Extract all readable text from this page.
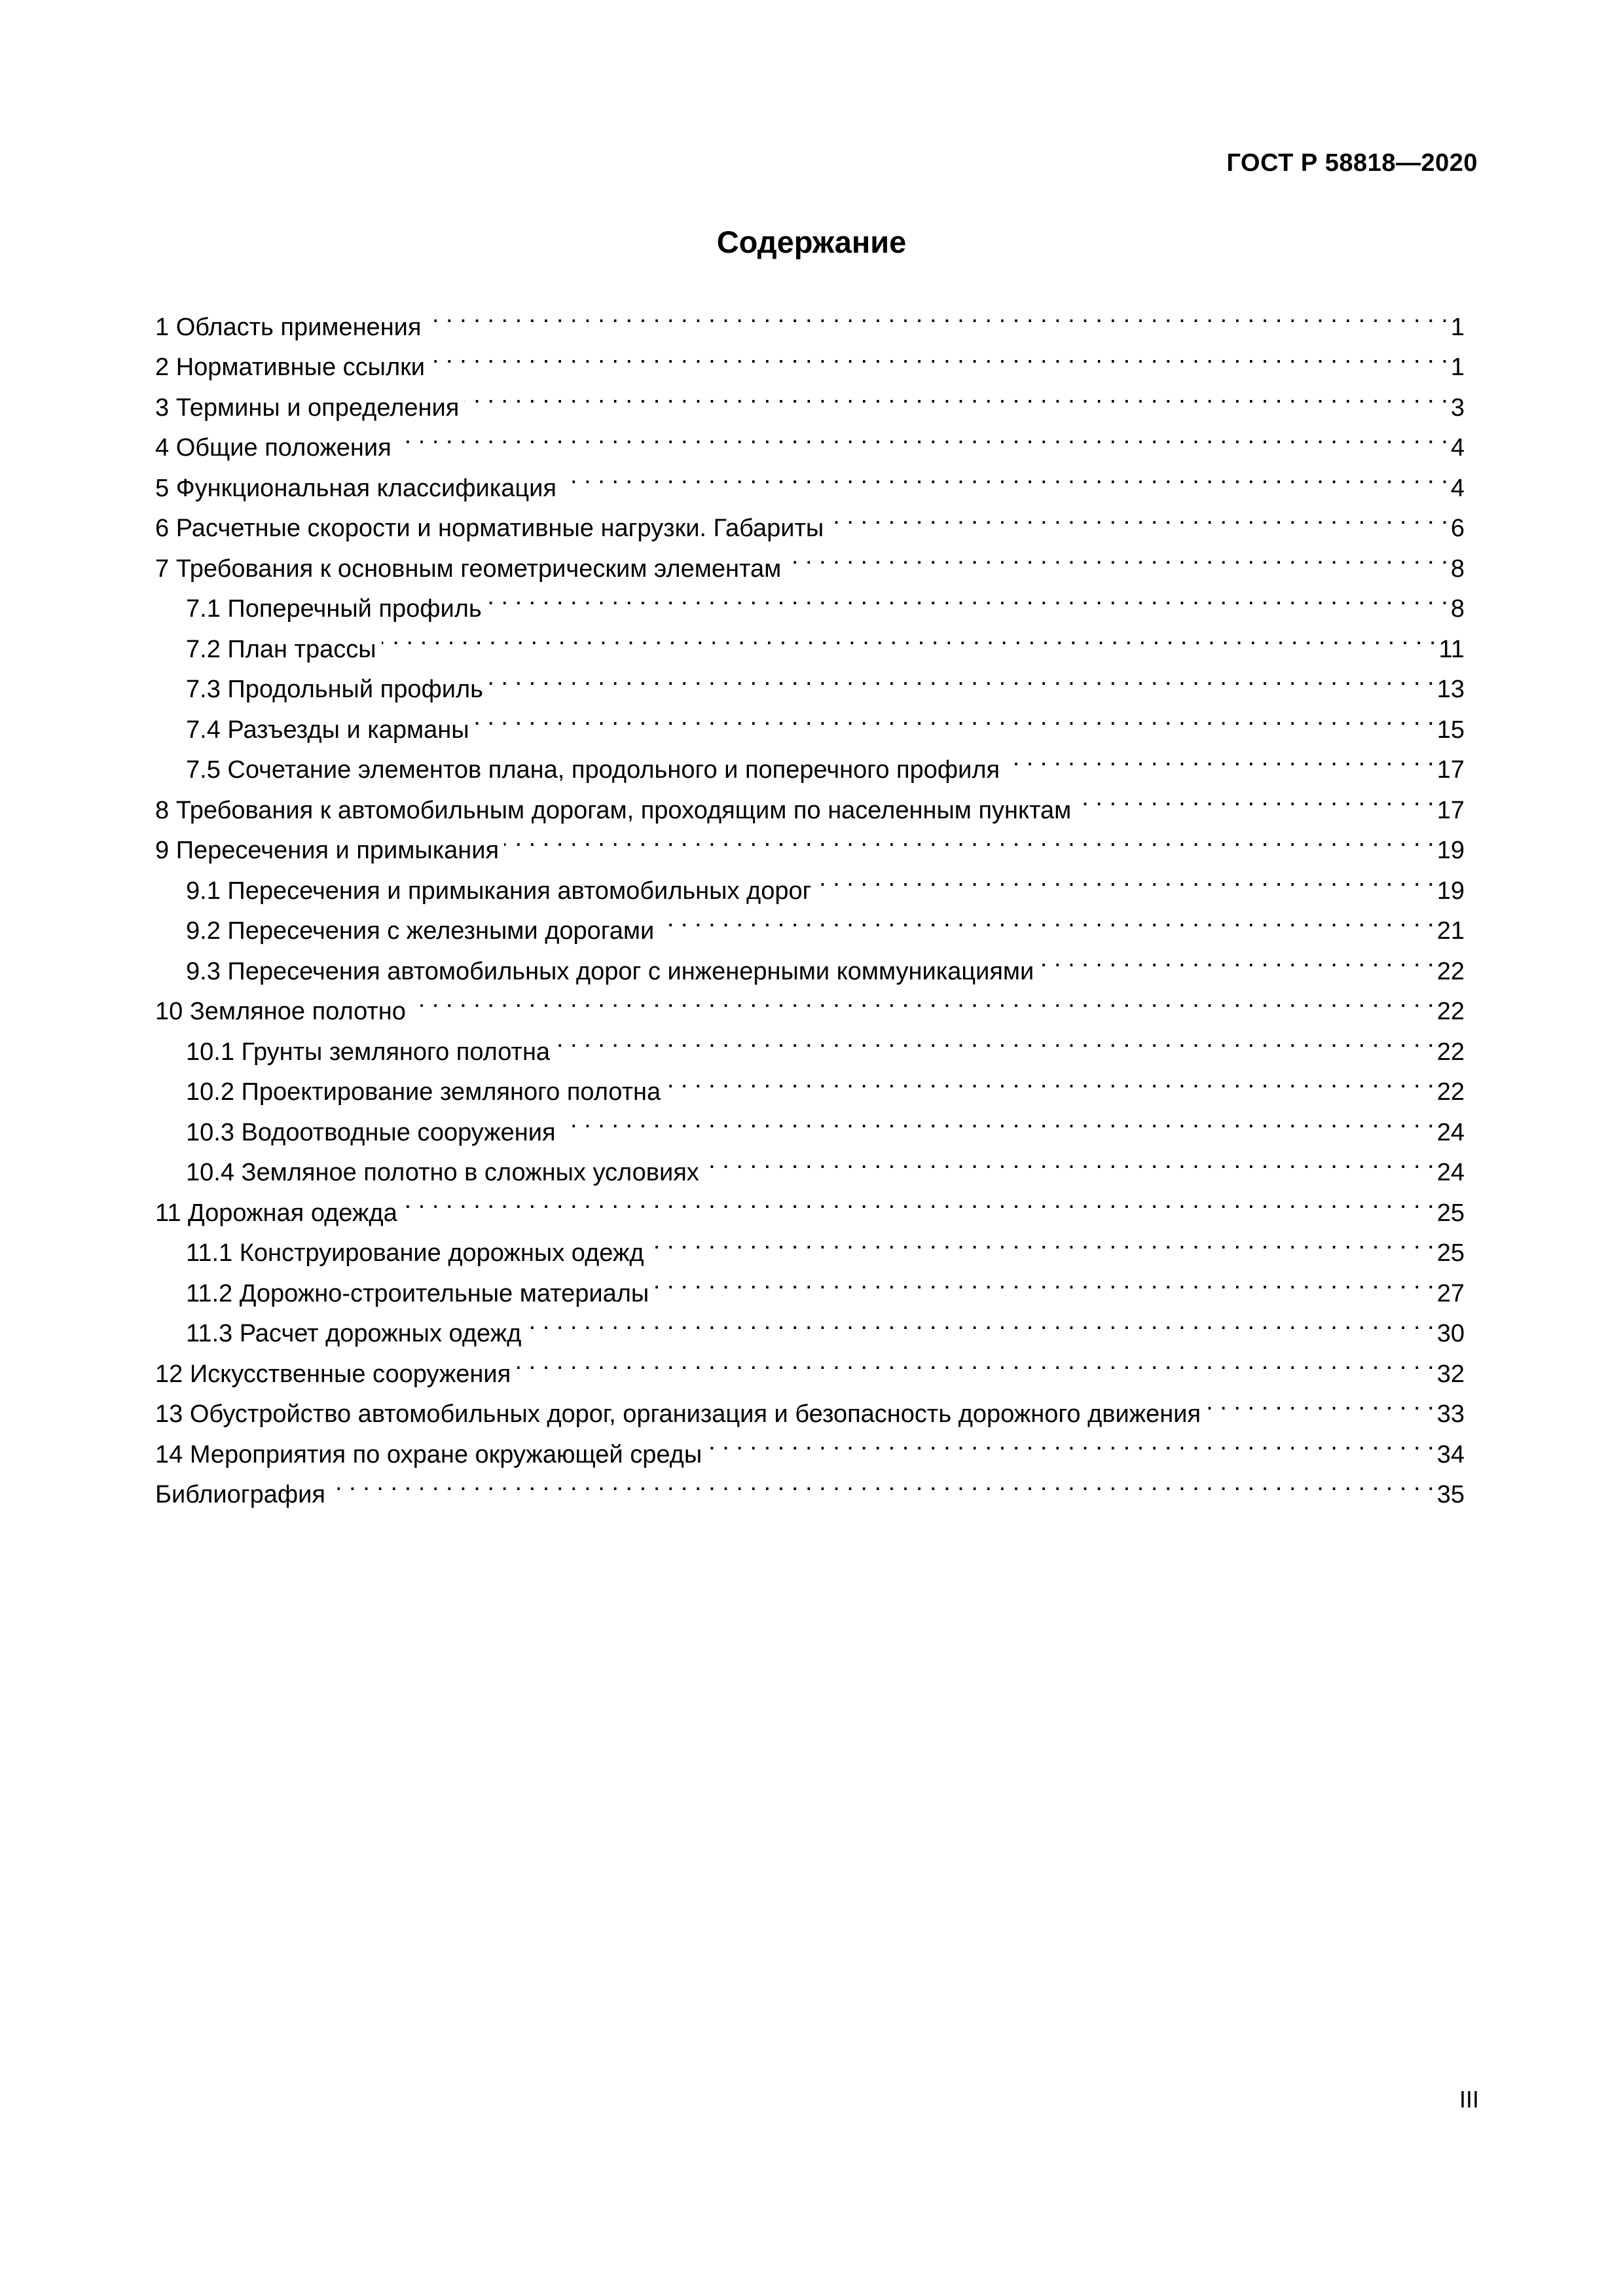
ГОСТ Р 58818—2020
Содержание
1 Область применения . . .	1
2 Нормативные ссылки . . .	1
3 Термины и определения . . .	3
4 Общие положения . . .	4
5 Функциональная классификация . . .	4
6 Расчетные скорости и нормативные нагрузки. Габариты . . .	6
7 Требования к основным геометрическим элементам . . .	8
7.1 Поперечный профиль . . .	8
7.2 План трассы . . .	11
7.3 Продольный профиль . . .	13
7.4 Разъезды и карманы . . .	15
7.5 Сочетание элементов плана, продольного и поперечного профиля . . .	17
8 Требования к автомобильным дорогам, проходящим по населенным пунктам . . .	17
9 Пересечения и примыкания . . .	19
9.1 Пересечения и примыкания автомобильных дорог . . .	19
9.2 Пересечения с железными дорогами . . .	21
9.3 Пересечения автомобильных дорог с инженерными коммуникациями . . .	22
10 Земляное полотно . . .	22
10.1 Грунты земляного полотна . . .	22
10.2 Проектирование земляного полотна . . .	22
10.3 Водоотводные сооружения . . .	24
10.4 Земляное полотно в сложных условиях . . .	24
11 Дорожная одежда . . .	25
11.1 Конструирование дорожных одежд . . .	25
11.2 Дорожно-строительные материалы . . .	27
11.3 Расчет дорожных одежд . . .	30
12 Искусственные сооружения . . .	32
13 Обустройство автомобильных дорог, организация и безопасность дорожного движения . . .	33
14 Мероприятия по охране окружающей среды . . .	34
Библиография . . .	35
III
